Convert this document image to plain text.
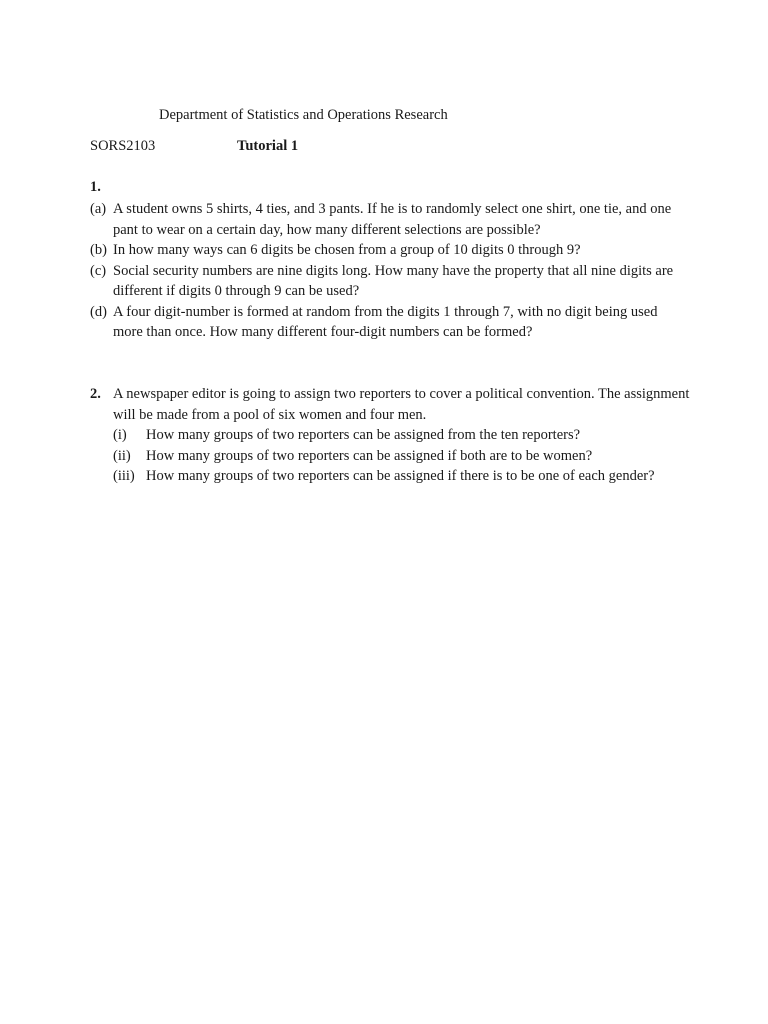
Department of Statistics and Operations Research
SORS2103	Tutorial 1
1.
(a) A student owns 5 shirts, 4 ties, and 3 pants. If he is to randomly select one shirt, one tie, and one pant to wear on a certain day, how many different selections are possible?
(b) In how many ways can 6 digits be chosen from a group of 10 digits 0 through 9?
(c) Social security numbers are nine digits long. How many have the property that all nine digits are different if digits 0 through 9 can be used?
(d) A four digit-number is formed at random from the digits 1 through 7, with no digit being used more than once. How many different four-digit numbers can be formed?
2. A newspaper editor is going to assign two reporters to cover a political convention. The assignment will be made from a pool of six women and four men.
(i)	How many groups of two reporters can be assigned from the ten reporters?
(ii)	How many groups of two reporters can be assigned if both are to be women?
(iii) How many groups of two reporters can be assigned if there is to be one of each gender?
